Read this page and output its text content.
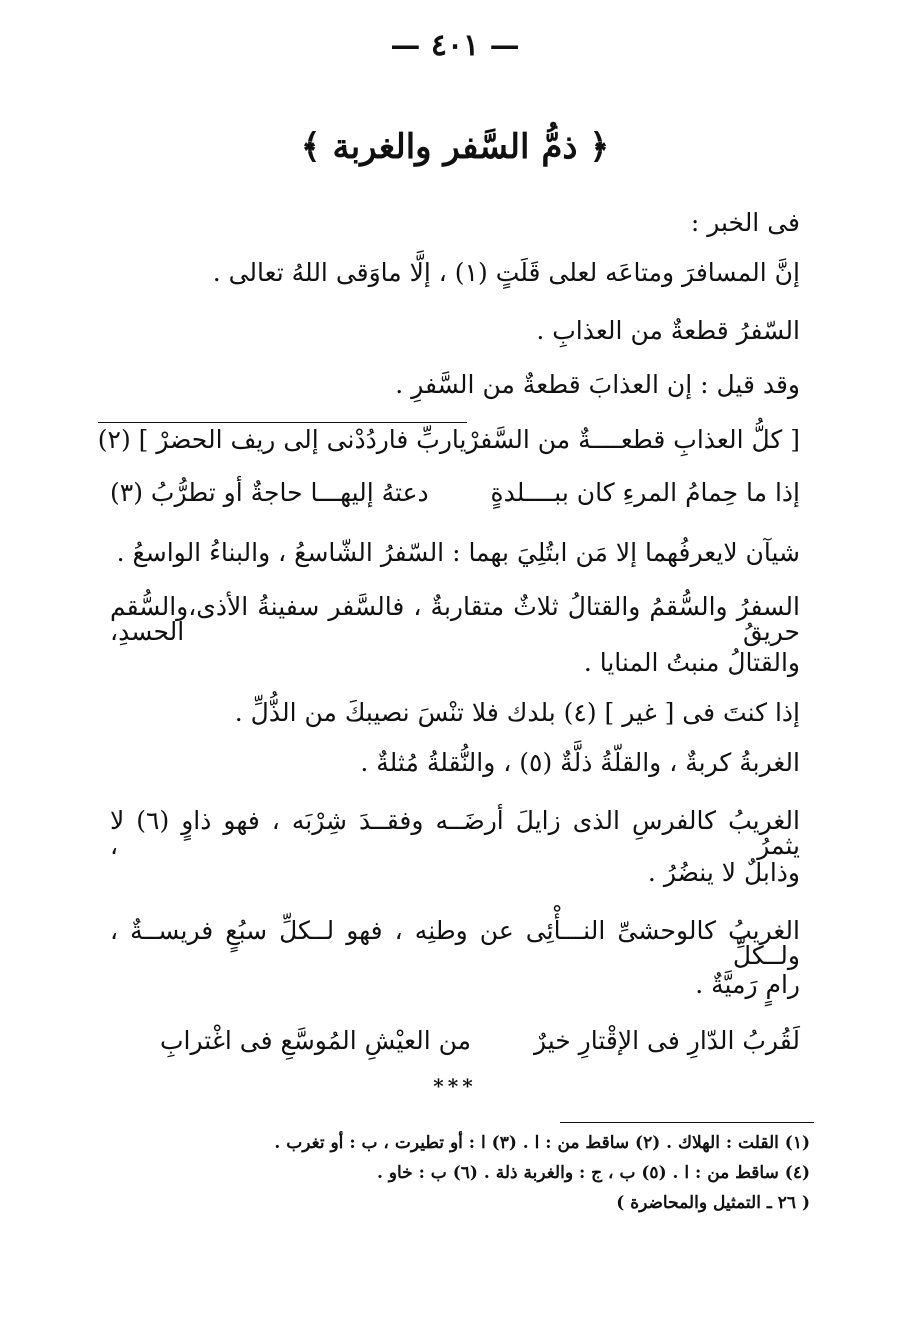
— ٤٠١ —
﴿ ذمُّ السَّفر والغربة ﴾
فى الخبر :
إنَّ المسافرَ ومتاعَه لعلى قَلَتٍ (١) ، إلَّا ماوَقى اللهُ تعالى .
السّفرُ قطعةٌ من العذابِ .
وقد قيل : إن العذابَ قطعةٌ من السَّفرِ .
[ كلُّ العذابِ قطعــــةٌ من السَّفرْ
ياربِّ فاردُدْنى إلى ريف الحضرْ ] (٢)
إذا ما حِمامُ المرءِ كان ببــــلدةٍ
دعتهُ إليهـــا حاجةٌ أو تطرُّبُ (٣)
شيآن لايعرفُهما إلا مَن ابتُلِيَ بهما : السّفرُ الشّاسعُ ، والبناءُ الواسعُ .
السفرُ والسُّقمُ والقتالُ ثلاثٌ متقاربةٌ ، فالسَّفر سفينةُ الأذى،والسُّقم حريقُ الحسدِ،
والقتالُ منبتُ المنايا .
إذا كنتَ فى [ غير ] (٤) بلدك فلا تنْسَ نصيبكَ من الذُّلِّ .
الغربةُ كربةٌ ، والقلّةُ ذلَّةٌ (٥) ، والنُّقلةُ مُثلةٌ .
الغريبُ كالفرسِ الذى زايلَ أرضَــه وفقــدَ شِرْبَه ، فهو ذاوٍ (٦) لا يثمرُ ،
وذابلٌ لا ينضُرُ .
الغريبُ كالوحشىِّ النـــأْئِى عن وطنِه ، فهو لــكلِّ سبُعٍ فريســةٌ ، ولــكلِّ
رامٍ رَميَّةٌ .
لَقُربُ الدّارِ فى الإقْتارِ خيرٌ
من العيْشِ المُوسَّعِ فى اغْترابِ
***
(١) القلت : الهلاك . (٢) ساقط من : ا . (٣) ا : أو تطيرت ، ب : أو تغرب .
(٤) ساقط من : ا . (٥) ب ، ج : والغربة ذلة . (٦) ب : خاو .
( ٢٦ ـ التمثيل والمحاضرة )
